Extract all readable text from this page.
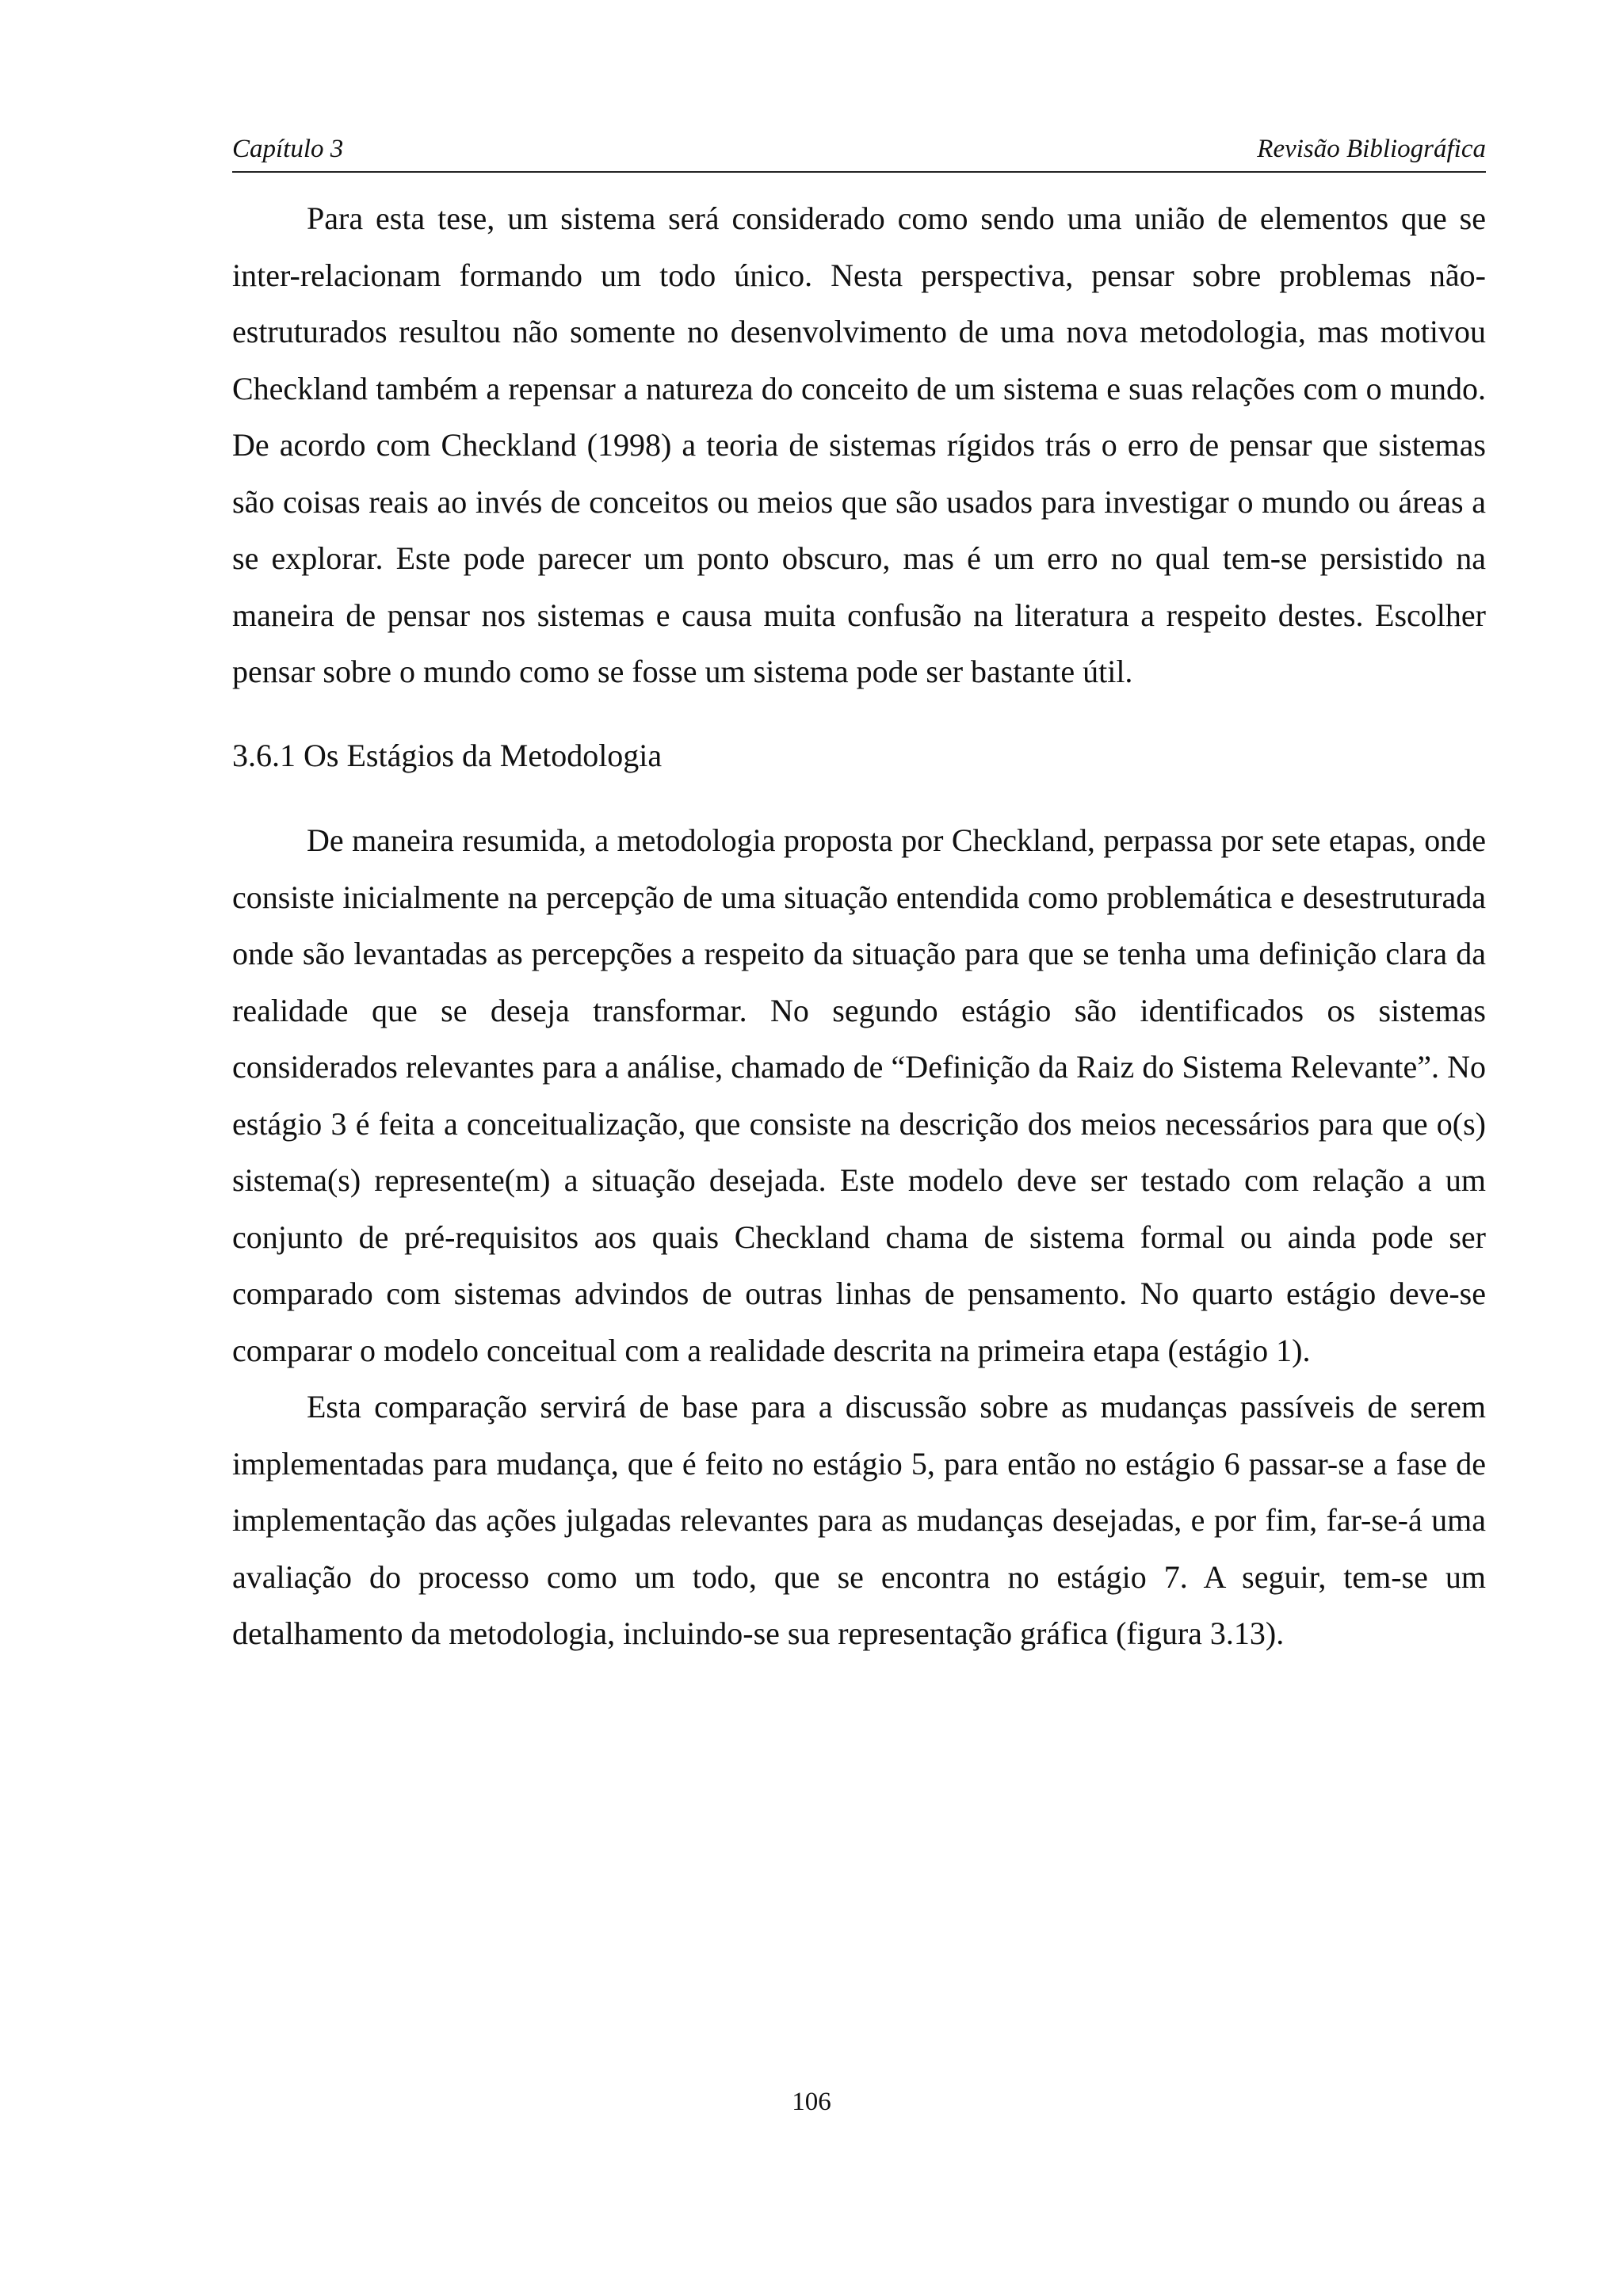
Capítulo 3	Revisão Bibliográfica

Para esta tese, um sistema será considerado como sendo uma união de elementos que se inter-relacionam formando um todo único. Nesta perspectiva, pensar sobre problemas não-estruturados resultou não somente no desenvolvimento de uma nova metodologia, mas motivou Checkland também a repensar a natureza do conceito de um sistema e suas relações com o mundo. De acordo com Checkland (1998) a teoria de sistemas rígidos trás o erro de pensar que sistemas são coisas reais ao invés de conceitos ou meios que são usados para investigar o mundo ou áreas a se explorar. Este pode parecer um ponto obscuro, mas é um erro no qual tem-se persistido na maneira de pensar nos sistemas e causa muita confusão na literatura a respeito destes. Escolher pensar sobre o mundo como se fosse um sistema pode ser bastante útil.

3.6.1 Os Estágios da Metodologia

De maneira resumida, a metodologia proposta por Checkland, perpassa por sete etapas, onde consiste inicialmente na percepção de uma situação entendida como problemática e desestruturada onde são levantadas as percepções a respeito da situação para que se tenha uma definição clara da realidade que se deseja transformar. No segundo estágio são identificados os sistemas considerados relevantes para a análise, chamado de “Definição da Raiz do Sistema Relevante”. No estágio 3 é feita a conceitualização, que consiste na descrição dos meios necessários para que o(s) sistema(s) represente(m) a situação desejada. Este modelo deve ser testado com relação a um conjunto de pré-requisitos aos quais Checkland chama de sistema formal ou ainda pode ser comparado com sistemas advindos de outras linhas de pensamento. No quarto estágio deve-se comparar o modelo conceitual com a realidade descrita na primeira etapa (estágio 1).

Esta comparação servirá de base para a discussão sobre as mudanças passíveis de serem implementadas para mudança, que é feito no estágio 5, para então no estágio 6 passar-se a fase de implementação das ações julgadas relevantes para as mudanças desejadas, e por fim, far-se-á uma avaliação do processo como um todo, que se encontra no estágio 7. A seguir, tem-se um detalhamento da metodologia, incluindo-se sua representação gráfica (figura 3.13).

106
